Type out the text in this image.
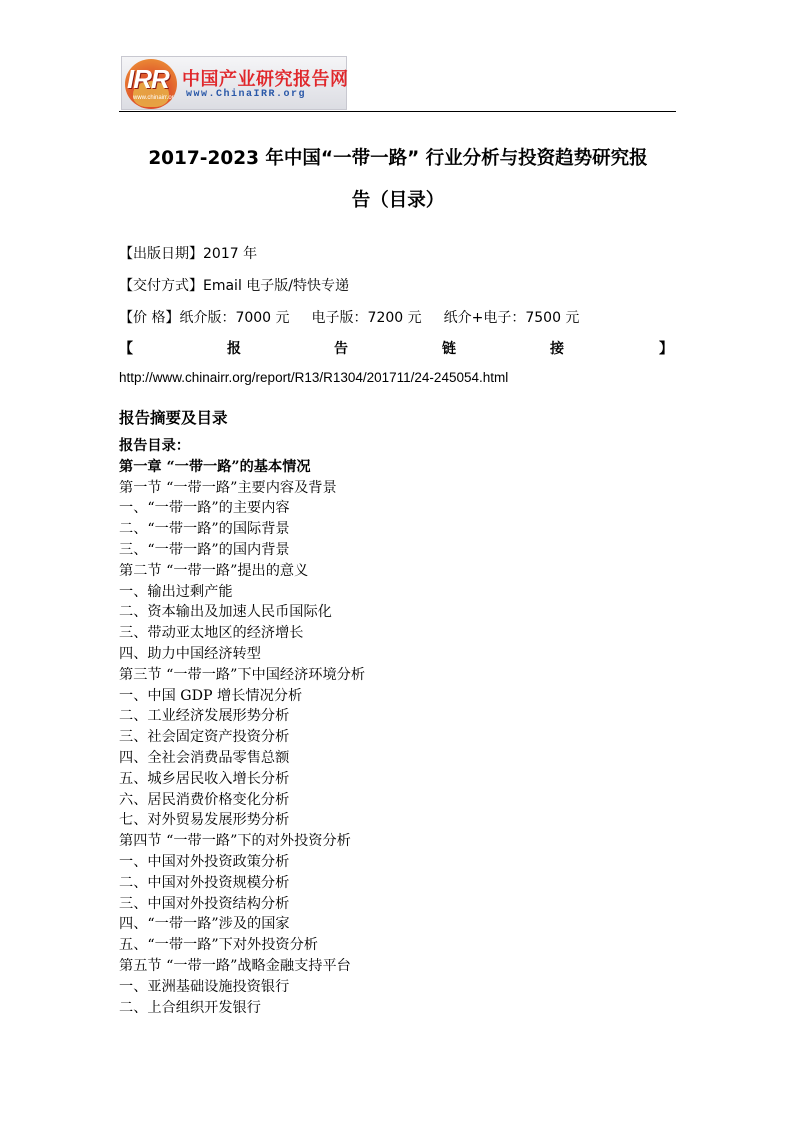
IRR
www.chinairr.org
中国产业研究报告网
www.ChinaIRR.org
2017-2023 年中国“一带一路” 行业分析与投资趋势研究报
告（目录）
【出版日期】2017 年
【交付方式】Email 电子版/特快专递
【价 格】纸介版：7000 元 电子版：7200 元 纸介+电子：7500 元
【	报	告	链	接	】
http://www.chinairr.org/report/R13/R1304/201711/24-245054.html
报告摘要及目录
报告目录：
第一章 “一带一路”的基本情况
第一节 “一带一路”主要内容及背景
一、“一带一路”的主要内容
二、“一带一路”的国际背景
三、“一带一路”的国内背景
第二节 “一带一路”提出的意义
一、输出过剩产能
二、资本输出及加速人民币国际化
三、带动亚太地区的经济增长
四、助力中国经济转型
第三节 “一带一路”下中国经济环境分析
一、中国 GDP 增长情况分析
二、工业经济发展形势分析
三、社会固定资产投资分析
四、全社会消费品零售总额
五、城乡居民收入增长分析
六、居民消费价格变化分析
七、对外贸易发展形势分析
第四节 “一带一路”下的对外投资分析
一、中国对外投资政策分析
二、中国对外投资规模分析
三、中国对外投资结构分析
四、“一带一路”涉及的国家
五、“一带一路”下对外投资分析
第五节 “一带一路”战略金融支持平台
一、亚洲基础设施投资银行
二、上合组织开发银行
